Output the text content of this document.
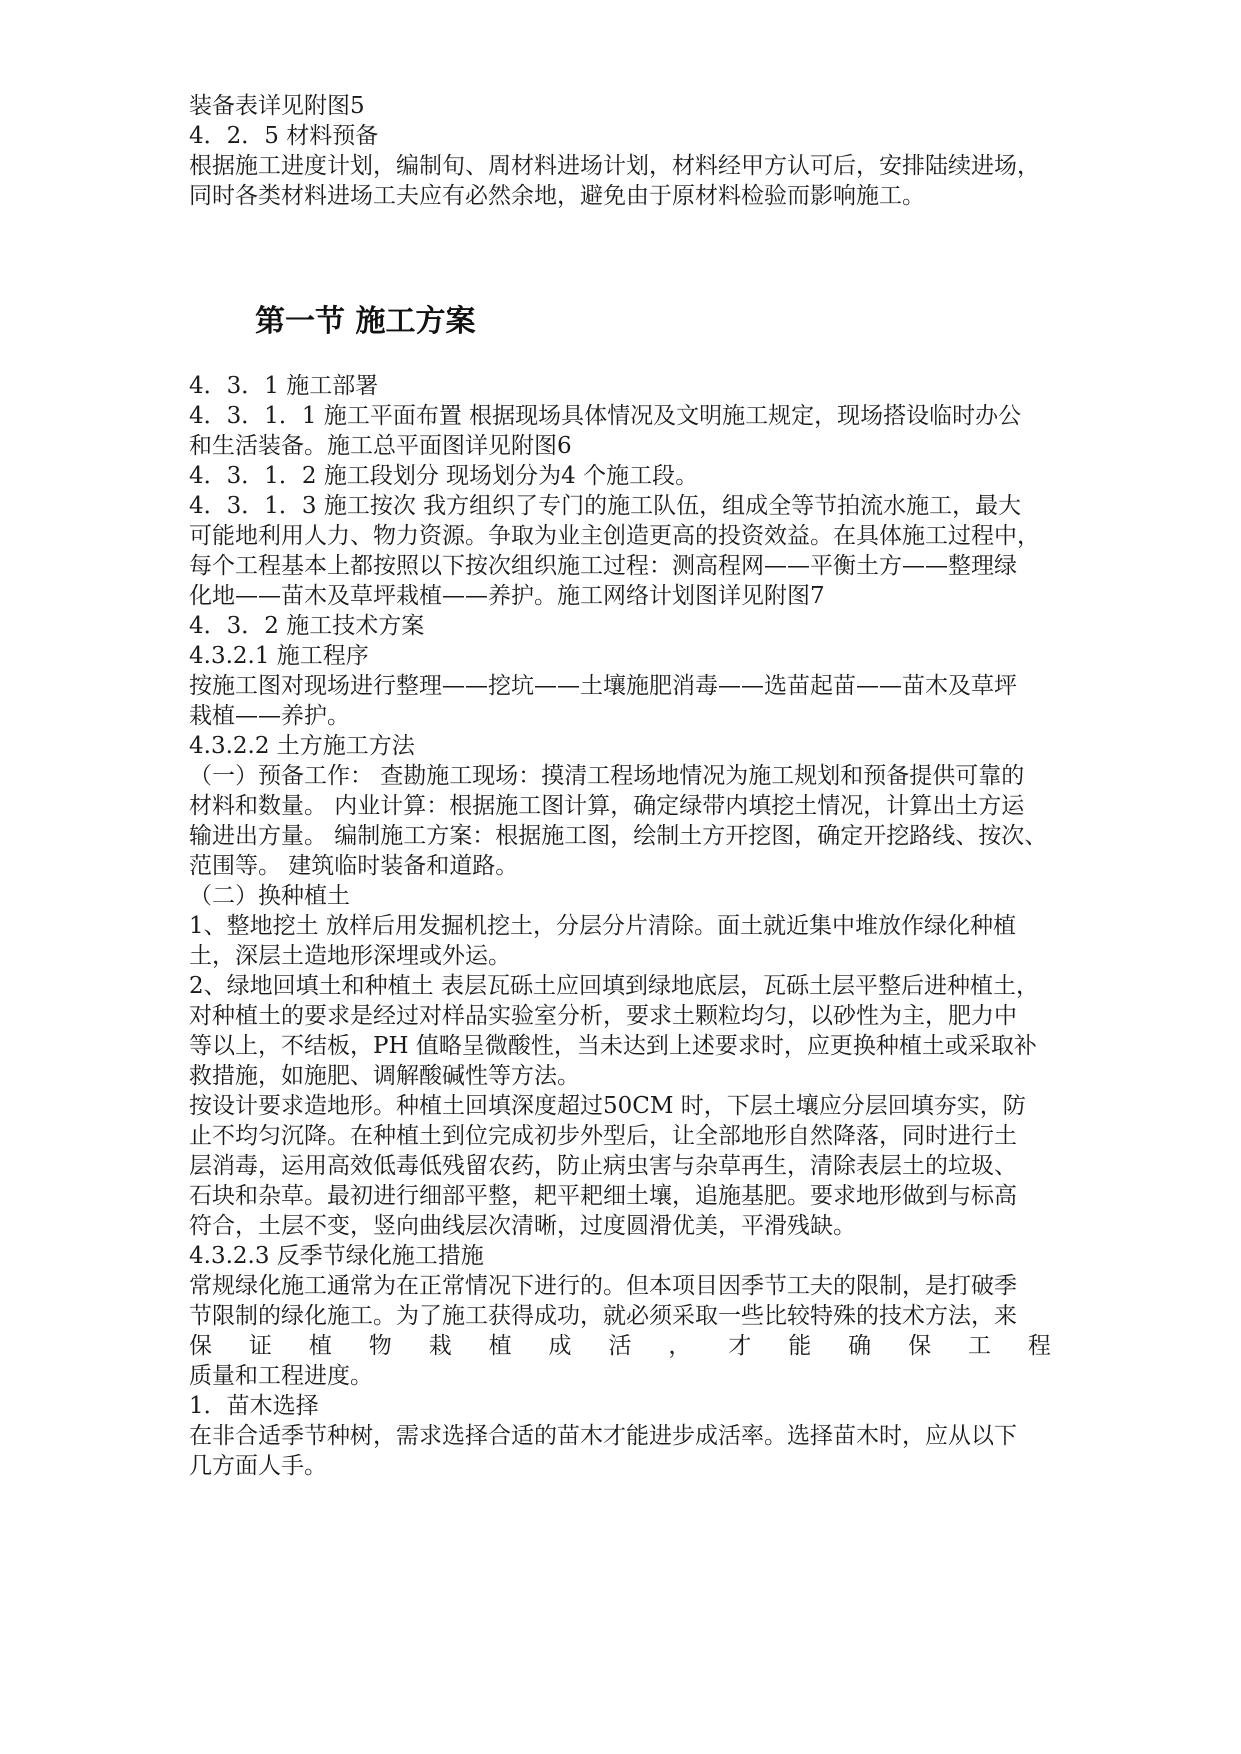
装备表详见附图5
4．2．5 材料预备
根据施工进度计划，编制旬、周材料进场计划，材料经甲方认可后，安排陆续进场，
同时各类材料进场工夫应有必然余地，避免由于原材料检验而影响施工。
第一节 施工方案
4．3．1 施工部署
4．3．1．1 施工平面布置 根据现场具体情况及文明施工规定，现场搭设临时办公
和生活装备。施工总平面图详见附图6
4．3．1．2 施工段划分 现场划分为4 个施工段。
4．3．1．3 施工按次 我方组织了专门的施工队伍，组成全等节拍流水施工，最大
可能地利用人力、物力资源。争取为业主创造更高的投资效益。在具体施工过程中，
每个工程基本上都按照以下按次组织施工过程：测高程网——平衡土方——整理绿
化地——苗木及草坪栽植——养护。施工网络计划图详见附图7
4．3．2 施工技术方案
4.3.2.1 施工程序
按施工图对现场进行整理——挖坑——土壤施肥消毒——选苗起苗——苗木及草坪
栽植——养护。
4.3.2.2 土方施工方法
（一）预备工作： 查勘施工现场：摸清工程场地情况为施工规划和预备提供可靠的
材料和数量。 内业计算：根据施工图计算，确定绿带内填挖土情况，计算出土方运
输进出方量。 编制施工方案：根据施工图，绘制土方开挖图，确定开挖路线、按次、
范围等。 建筑临时装备和道路。
（二）换种植土
1、整地挖土 放样后用发掘机挖土，分层分片清除。面土就近集中堆放作绿化种植
土，深层土造地形深埋或外运。
2、绿地回填土和种植土 表层瓦砾土应回填到绿地底层，瓦砾土层平整后进种植土，
对种植土的要求是经过对样品实验室分析，要求土颗粒均匀，以砂性为主，肥力中
等以上，不结板，PH 值略呈微酸性，当未达到上述要求时，应更换种植土或采取补
救措施，如施肥、调解酸碱性等方法。
按设计要求造地形。种植土回填深度超过50CM 时，下层土壤应分层回填夯实，防
止不均匀沉降。在种植土到位完成初步外型后，让全部地形自然降落，同时进行土
层消毒，运用高效低毒低残留农药，防止病虫害与杂草再生，清除表层土的垃圾、
石块和杂草。最初进行细部平整，耙平耙细土壤，追施基肥。要求地形做到与标高
符合，土层不变，竖向曲线层次清晰，过度圆滑优美，平滑残缺。
4.3.2.3 反季节绿化施工措施
常规绿化施工通常为在正常情况下进行的。但本项目因季节工夫的限制，是打破季
节限制的绿化施工。为了施工获得成功，就必须采取一些比较特殊的技术方法，来
保 证 植 物 栽 植 成 活 ， 才 能 确 保 工 程
质量和工程进度。
1．苗木选择
在非合适季节种树，需求选择合适的苗木才能进步成活率。选择苗木时，应从以下
几方面人手。
